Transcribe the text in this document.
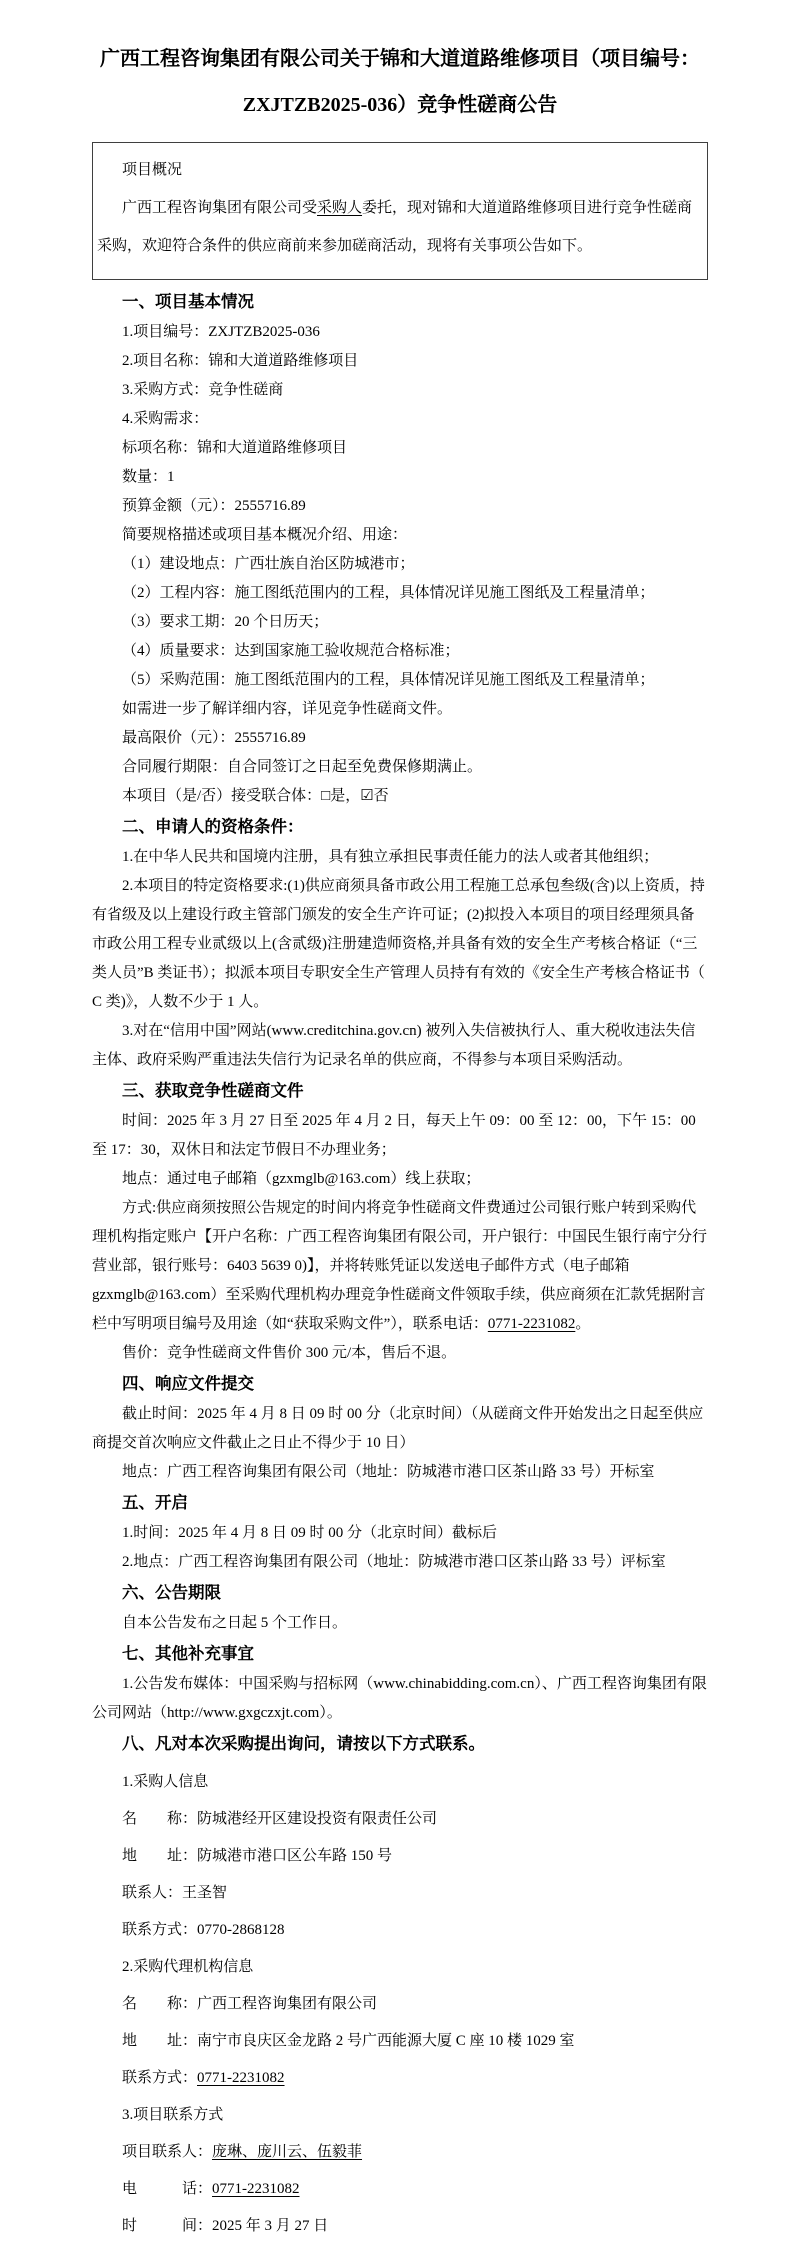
广西工程咨询集团有限公司关于锦和大道道路维修项目（项目编号：
ZXJTZB2025-036）竞争性磋商公告

项目概况

广西工程咨询集团有限公司受采购人委托，现对锦和大道道路维修项目进行竞争性磋商采购，欢迎符合条件的供应商前来参加磋商活动，现将有关事项公告如下。

一、项目基本情况

1.项目编号：ZXJTZB2025-036

2.项目名称：锦和大道道路维修项目

3.采购方式：竞争性磋商

4.采购需求：

标项名称：锦和大道道路维修项目

数量：1

预算金额（元）：2555716.89

简要规格描述或项目基本概况介绍、用途：

（1）建设地点：广西壮族自治区防城港市；

（2）工程内容：施工图纸范围内的工程，具体情况详见施工图纸及工程量清单；

（3）要求工期：20 个日历天；

（4）质量要求：达到国家施工验收规范合格标准；

（5）采购范围：施工图纸范围内的工程，具体情况详见施工图纸及工程量清单；

如需进一步了解详细内容，详见竞争性磋商文件。

最高限价（元）：2555716.89

合同履行期限：自合同签订之日起至免费保修期满止。

本项目（是/否）接受联合体：□是，☑否

二、申请人的资格条件：

1.在中华人民共和国境内注册，具有独立承担民事责任能力的法人或者其他组织；

2.本项目的特定资格要求:(1)供应商须具备市政公用工程施工总承包叁级(含)以上资质，持有省级及以上建设行政主管部门颁发的安全生产许可证；(2)拟投入本项目的项目经理须具备市政公用工程专业贰级以上(含贰级)注册建造师资格,并具备有效的安全生产考核合格证（“三类人员”B 类证书）；拟派本项目专职安全生产管理人员持有有效的《安全生产考核合格证书（ C 类)》，人数不少于 1 人。

3.对在“信用中国”网站(www.creditchina.gov.cn) 被列入失信被执行人、重大税收违法失信主体、政府采购严重违法失信行为记录名单的供应商，不得参与本项目采购活动。

三、获取竞争性磋商文件

时间：2025 年 3 月 27 日至 2025 年 4 月 2 日，每天上午 09：00 至 12：00，下午 15：00 至 17：30，双休日和法定节假日不办理业务；

地点：通过电子邮箱（gzxmglb@163.com）线上获取；

方式:供应商须按照公告规定的时间内将竞争性磋商文件费通过公司银行账户转到采购代理机构指定账户【开户名称：广西工程咨询集团有限公司，开户银行：中国民生银行南宁分行营业部，银行账号：6403 5639 0)】，并将转账凭证以发送电子邮件方式（电子邮箱gzxmglb@163.com）至采购代理机构办理竞争性磋商文件领取手续，供应商须在汇款凭据附言栏中写明项目编号及用途（如“获取采购文件”），联系电话：0771-2231082。

售价：竞争性磋商文件售价 300 元/本，售后不退。

四、响应文件提交

截止时间：2025 年 4 月 8 日 09 时 00 分（北京时间）（从磋商文件开始发出之日起至供应商提交首次响应文件截止之日止不得少于 10 日）

地点：广西工程咨询集团有限公司（地址：防城港市港口区茶山路 33 号）开标室

五、开启

1.时间：2025 年 4 月 8 日 09 时 00 分（北京时间）截标后

2.地点：广西工程咨询集团有限公司（地址：防城港市港口区茶山路 33 号）评标室

六、公告期限

自本公告发布之日起 5 个工作日。

七、其他补充事宜

1.公告发布媒体：中国采购与招标网（www.chinabidding.com.cn）、广西工程咨询集团有限公司网站（http://www.gxgczxjt.com）。

八、凡对本次采购提出询问，请按以下方式联系。

1.采购人信息

名　　称：防城港经开区建设投资有限责任公司

地　　址：防城港市港口区公车路 150 号

联系人：王圣智

联系方式：0770-2868128

2.采购代理机构信息

名　　称：广西工程咨询集团有限公司

地　　址：南宁市良庆区金龙路 2 号广西能源大厦 C 座 10 楼 1029 室

联系方式：0771-2231082

3.项目联系方式

项目联系人：庞琳、庞川云、伍毅菲

电　　　话：0771-2231082

时　　　间：2025 年 3 月 27 日
